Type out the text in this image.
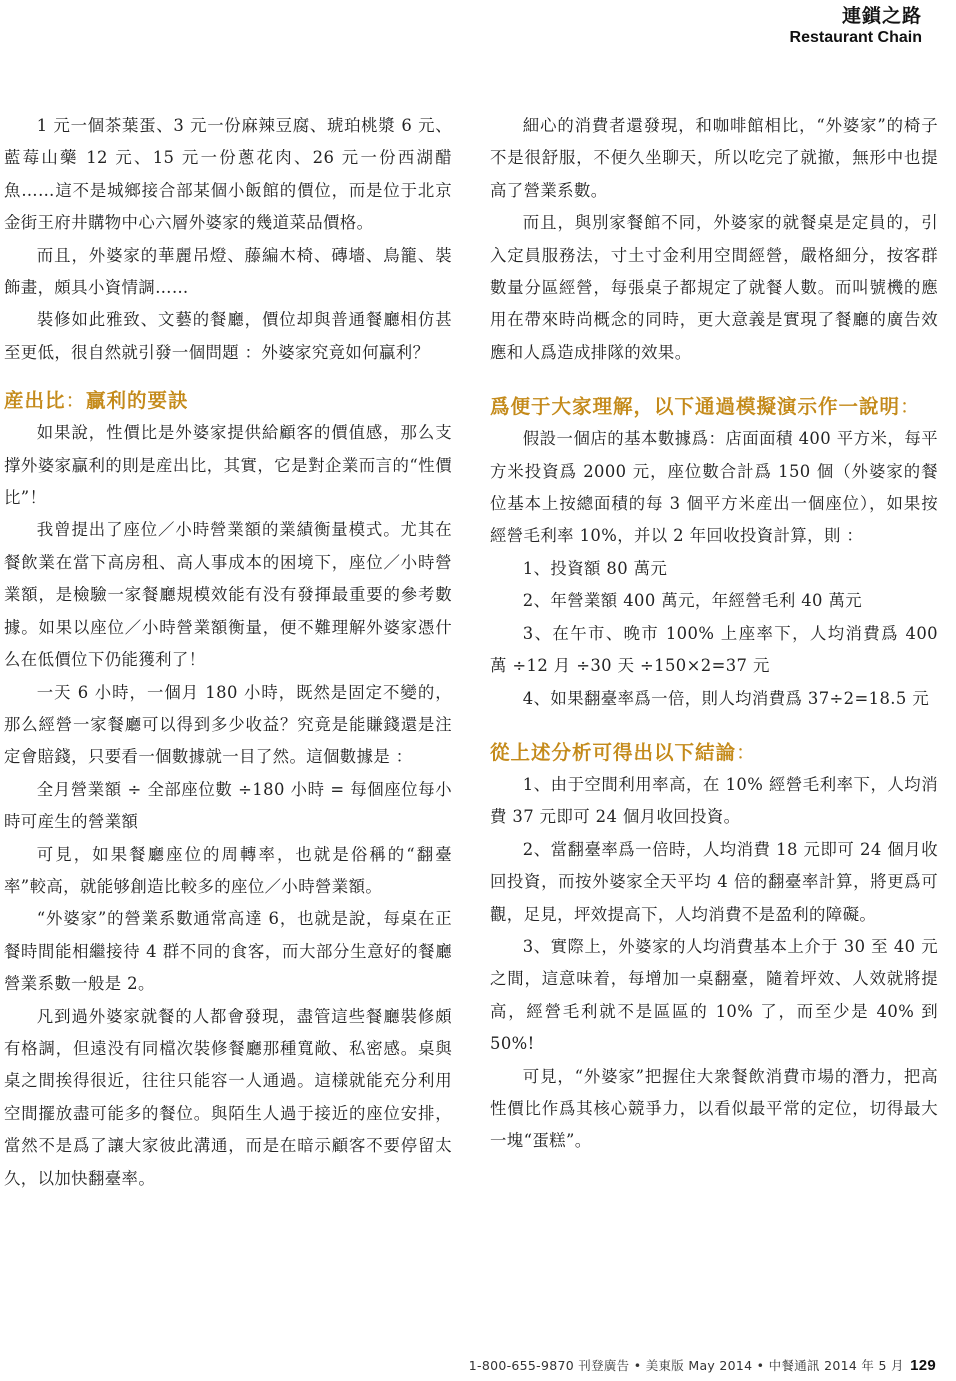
連鎖之路
Restaurant Chain

1 元一個茶葉蛋、3 元一份麻辣豆腐、琥珀桃漿 6 元、藍莓山藥 12 元、15 元一份蔥花肉、26 元一份西湖醋魚……這不是城鄉接合部某個小飯館的價位，而是位于北京金街王府井購物中心六層外婆家的幾道菜品價格。

而且，外婆家的華麗吊燈、藤編木椅、磚墻、鳥籠、裝飾畫，頗具小資情調……

裝修如此雅致、文藝的餐廳，價位却與普通餐廳相仿甚至更低，很自然就引發一個問題 ：外婆家究竟如何贏利？

産出比：贏利的要訣

如果說，性價比是外婆家提供給顧客的價值感，那么支撑外婆家贏利的則是産出比，其實，它是對企業而言的“性價比”！

我曾提出了座位／小時營業額的業績衡量模式。尤其在餐飲業在當下高房租、高人事成本的困境下，座位／小時營業額，是檢驗一家餐廳規模效能有没有發揮最重要的參考數據。如果以座位／小時營業額衡量，便不難理解外婆家憑什么在低價位下仍能獲利了！

一天 6 小時，一個月 180 小時，既然是固定不變的，那么經營一家餐廳可以得到多少收益？究竟是能賺錢還是注定會賠錢，只要看一個數據就一目了然。這個數據是 ：

全月營業額 ÷ 全部座位數 ÷180 小時 = 每個座位每小時可産生的營業額

可見，如果餐廳座位的周轉率，也就是俗稱的“翻臺率”較高，就能够創造比較多的座位／小時營業額。

“外婆家”的營業系數通常高達 6，也就是說，每桌在正餐時間能相繼接待 4 群不同的食客，而大部分生意好的餐廳營業系數一般是 2。

凡到過外婆家就餐的人都會發現，盡管這些餐廳裝修頗有格調，但遠没有同檔次裝修餐廳那種寬敞、私密感。桌與桌之間挨得很近，往往只能容一人通過。這樣就能充分利用空間擺放盡可能多的餐位。與陌生人過于接近的座位安排，當然不是爲了讓大家彼此溝通，而是在暗示顧客不要停留太久，以加快翻臺率。

細心的消費者還發現，和咖啡館相比，“外婆家”的椅子不是很舒服，不便久坐聊天，所以吃完了就撤，無形中也提高了營業系數。

而且，與別家餐館不同，外婆家的就餐桌是定員的，引入定員服務法，寸土寸金利用空間經營，嚴格細分，按客群數量分區經營，每張桌子都規定了就餐人數。而叫號機的應用在帶來時尚概念的同時，更大意義是實現了餐廳的廣告效應和人爲造成排隊的效果。

爲便于大家理解，以下通過模擬演示作一說明：

假設一個店的基本數據爲：店面面積 400 平方米，每平方米投資爲 2000 元，座位數合計爲 150 個（外婆家的餐位基本上按總面積的每 3 個平方米産出一個座位），如果按經營毛利率 10%，并以 2 年回收投資計算，則 ：

1、投資額 80 萬元

2、年營業額 400 萬元，年經營毛利 40 萬元

3、在午市、晚市 100% 上座率下，人均消費爲 400 萬 ÷12 月 ÷30 天 ÷150×2=37 元

4、如果翻臺率爲一倍，則人均消費爲 37÷2=18.5 元

從上述分析可得出以下結論：

1、由于空間利用率高，在 10% 經營毛利率下，人均消費 37 元即可 24 個月收回投資。

2、當翻臺率爲一倍時，人均消費 18 元即可 24 個月收回投資，而按外婆家全天平均 4 倍的翻臺率計算，將更爲可觀，足見，坪效提高下，人均消費不是盈利的障礙。

3、實際上，外婆家的人均消費基本上介于 30 至 40 元之間，這意味着，每增加一桌翻臺，隨着坪效、人效就將提高，經營毛利就不是區區的 10% 了，而至少是 40% 到 50%!

可見，“外婆家”把握住大衆餐飲消費市場的潛力，把高性價比作爲其核心競爭力，以看似最平常的定位，切得最大一塊“蛋糕”。

1-800-655-9870 刊登廣告 • 美東版 May 2014 • 中餐通訊 2014 年 5 月 129
